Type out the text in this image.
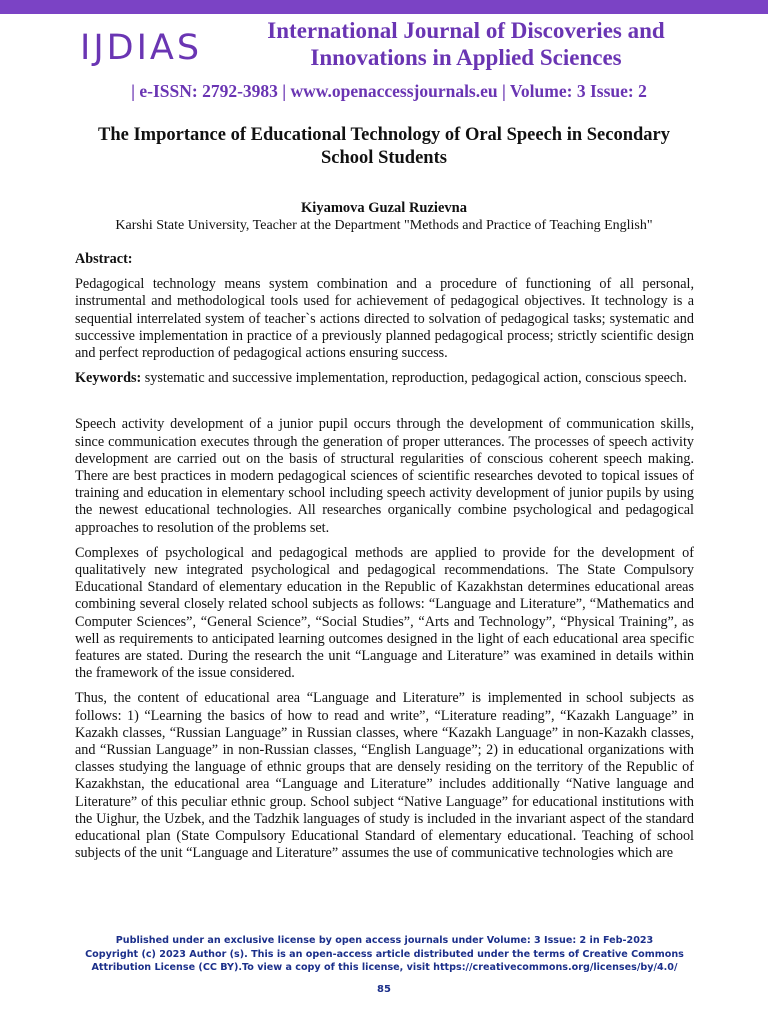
IJDIAS	International Journal of Discoveries and Innovations in Applied Sciences
| e-ISSN: 2792-3983 | www.openaccessjournals.eu | Volume: 3 Issue: 2
The Importance of Educational Technology of Oral Speech in Secondary School Students
Kiyamova Guzal Ruzievna
Karshi State University, Teacher at the Department "Methods and Practice of Teaching English"
Abstract:

Pedagogical technology means system combination and a procedure of functioning of all personal, instrumental and methodological tools used for achievement of pedagogical objectives. It technology is a sequential interrelated system of teacher`s actions directed to solvation of pedagogical tasks; systematic and successive implementation in practice of a previously planned pedagogical process; strictly scientific design and perfect reproduction of pedagogical actions ensuring success.

Keywords: systematic and successive implementation, reproduction, pedagogical action, conscious speech.

Speech activity development of a junior pupil occurs through the development of communication skills, since communication executes through the generation of proper utterances. The processes of speech activity development are carried out on the basis of structural regularities of conscious coherent speech making. There are best practices in modern pedagogical sciences of scientific researches devoted to topical issues of training and education in elementary school including speech activity development of junior pupils by using the newest educational technologies. All researches organically combine psychological and pedagogical approaches to resolution of the problems set.

Complexes of psychological and pedagogical methods are applied to provide for the development of qualitatively new integrated psychological and pedagogical recommendations. The State Compulsory Educational Standard of elementary education in the Republic of Kazakhstan determines educational areas combining several closely related school subjects as follows: “Language and Literature”, “Mathematics and Computer Sciences”, “General Science”, “Social Studies”, “Arts and Technology”, “Physical Training”, as well as requirements to anticipated learning outcomes designed in the light of each educational area specific features are stated. During the research the unit “Language and Literature” was examined in details within the framework of the issue considered.

Thus, the content of educational area “Language and Literature” is implemented in school subjects as follows: 1) “Learning the basics of how to read and write”, “Literature reading”, “Kazakh Language” in Kazakh classes, “Russian Language” in Russian classes, where “Kazakh Language” in non-Kazakh classes, and “Russian Language” in non-Russian classes, “English Language”; 2) in educational organizations with classes studying the language of ethnic groups that are densely residing on the territory of the Republic of Kazakhstan, the educational area “Language and Literature” includes additionally “Native language and Literature” of this peculiar ethnic group. School subject “Native Language” for educational institutions with the Uighur, the Uzbek, and the Tadzhik languages of study is included in the invariant aspect of the standard educational plan (State Compulsory Educational Standard of elementary educational. Teaching of school subjects of the unit “Language and Literature” assumes the use of communicative technologies which are

Published under an exclusive license by open access journals under Volume: 3 Issue: 2 in Feb-2023
Copyright (c) 2023 Author (s). This is an open-access article distributed under the terms of Creative Commons Attribution License (CC BY).To view a copy of this license, visit https://creativecommons.org/licenses/by/4.0/
85
